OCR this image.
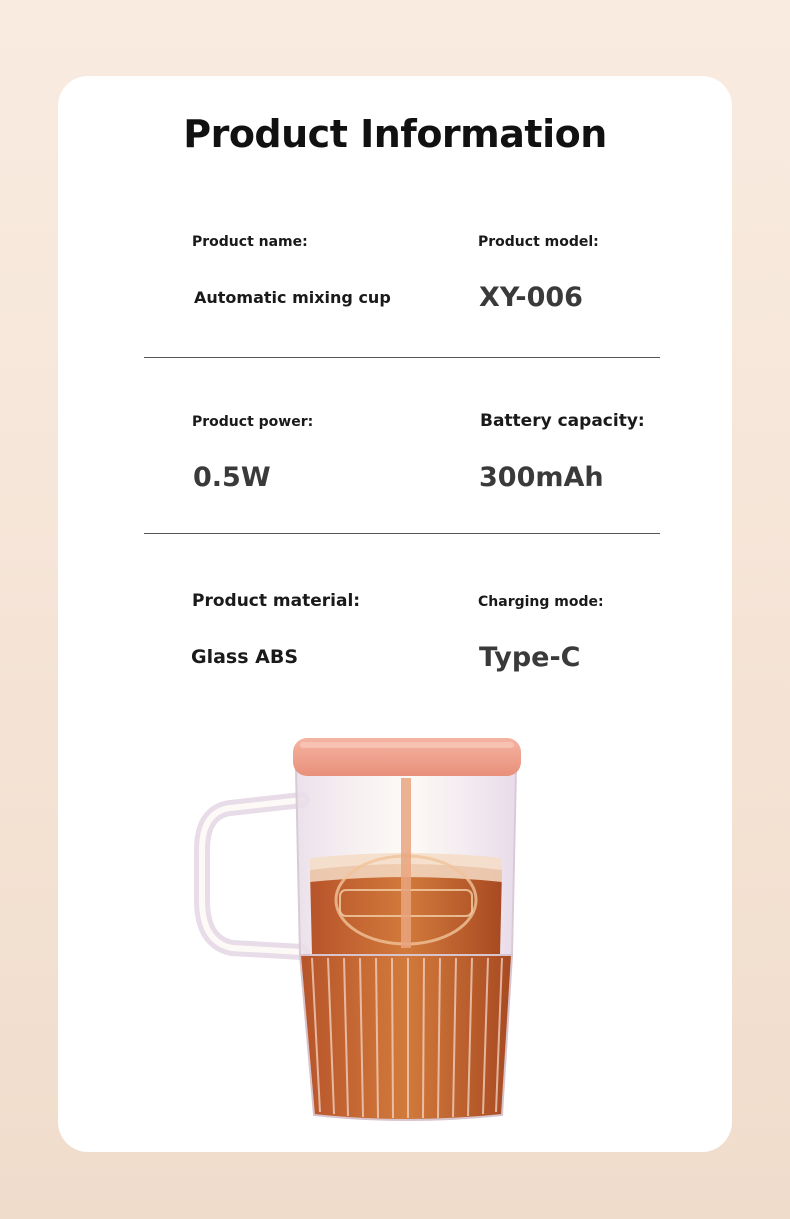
Product Information
Product name:
Automatic mixing cup
Product model:
XY-006
Product power:
0.5W
Battery capacity:
300mAh
Product material:
Glass ABS
Charging mode:
Type-C
